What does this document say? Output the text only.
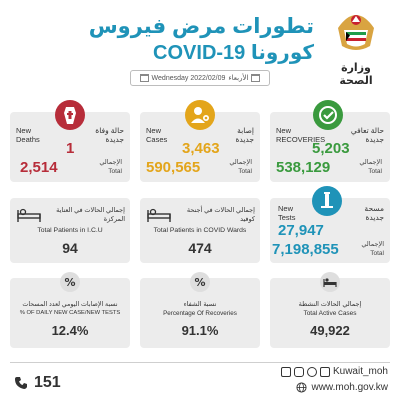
تطورات مرض فيروس
كورونا COVID-19
Wednesday 2022/02/09 الأربعاء
وزارة الصحة
New Deaths
حالة وفاة جديدة
1
2,514	الإجمالي
Total
New Cases
إصابة جديدة
3,463
590,565	الإجمالي
Total
New RECOVERIES
حالة تعافي جديدة
5,203
538,129	الإجمالي
Total
إجمالي الحالات في العناية المركزة
Total Patients in I.C.U
94
إجمالي الحالات في أجنحة كوفيد
Total Patients in COVID Wards
474
New Tests
مسحة جديدة
27,947
7,198,855	الإجمالي
Total
نسبة الإصابات اليومي لعدد المسحات
% OF DAILY NEW CASE/NEW TESTS
12.4%
%
نسبة الشفاء
Percentage Of Recoveries
91.1%
%
إجمالي الحالات النشطة
Total Active Cases
49,922
151
Kuwait_moh
www.moh.gov.kw
